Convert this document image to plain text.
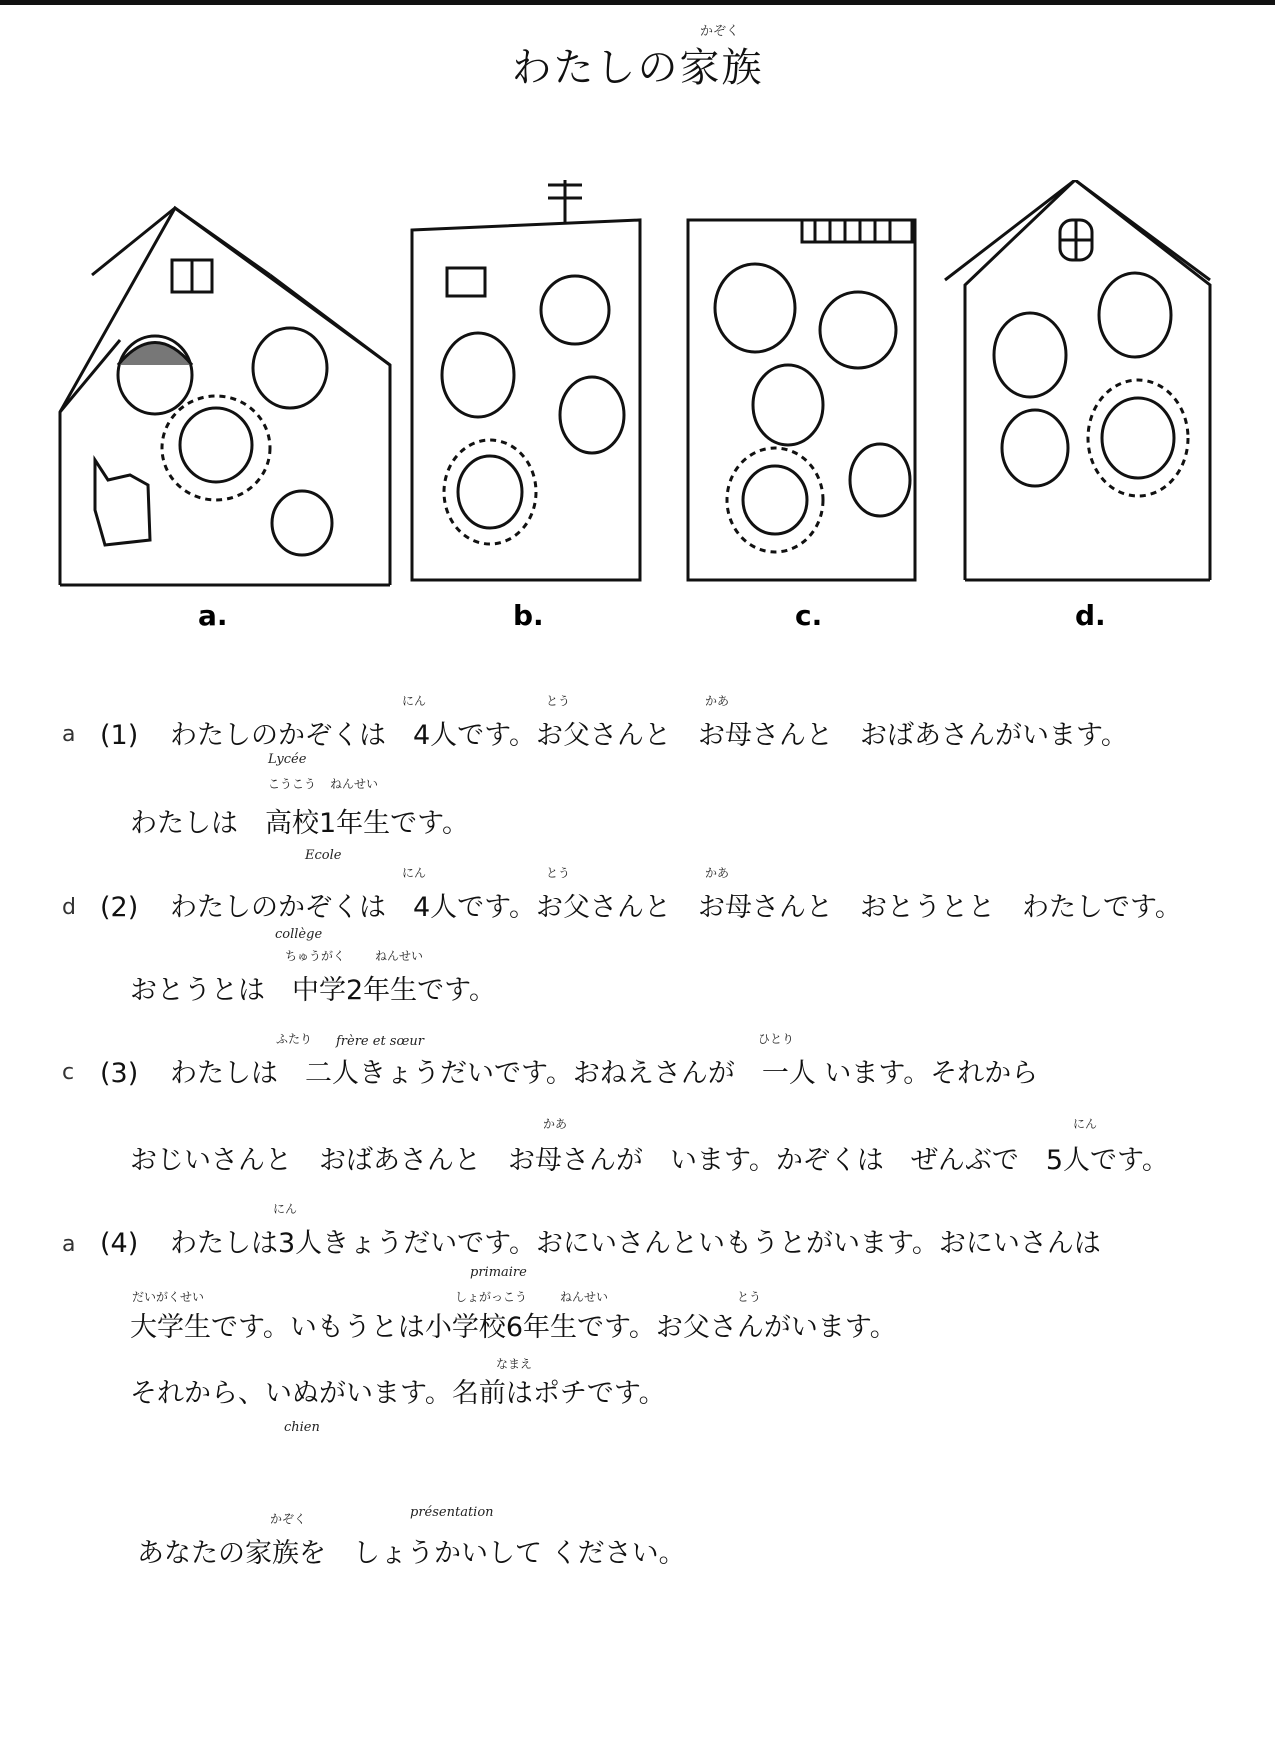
わたしの家族
かぞく
a.	b.	c.	d.
a (1) わたしのかぞくは　4人です。お父さんと　お母さんと　おばあさんがいます。
にん	とう	かあ
Lycée
こうこう ねんせい
わたしは　高校1年生です。
Ecole
d (2) わたしのかぞくは　4人です。お父さんと　お母さんと　おとうとと　わたしです。
にん	とう	かあ
collège
ちゅうがく ねんせい
おとうとは　中学2年生です。
c (3) わたしは　二人きょうだいです。おねえさんが　一人 います。それから
ふたり frère et sœur	ひとり
かあ	にん
おじいさんと　おばあさんと　お母さんが　います。かぞくは　ぜんぶで　5人です。
a (4) わたしは3人きょうだいです。おにいさんといもうとがいます。おにいさんは
にん
だいがくせい
primaire
しょがっこう	ねんせい	とう
大学生です。いもうとは小学校6年生です。お父さんがいます。
なまえ
それから、いぬがいます。名前はポチです。
chien
かぞく	présentation
あなたの家族を　しょうかいして ください。
